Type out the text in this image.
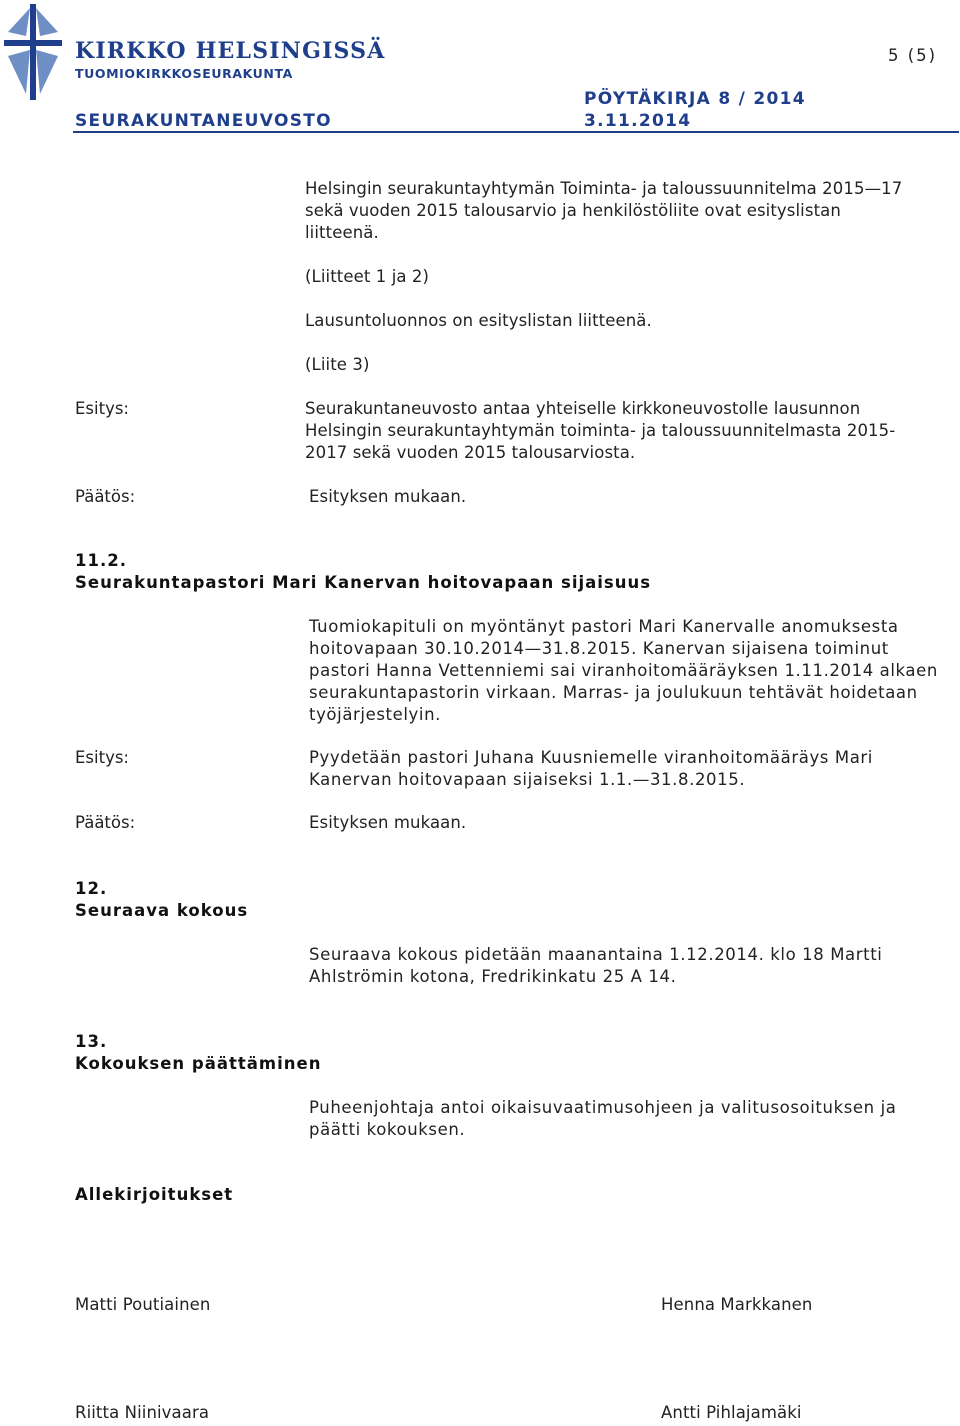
KIRKKO HELSINGISSÄ
TUOMIOKIRKKOSEURAKUNTA
5 (5)
PÖYTÄKIRJA 8 / 2014
SEURAKUNTANEUVOSTO	3.11.2014
Helsingin seurakuntayhtymän Toiminta- ja taloussuunnitelma 2015—17
sekä vuoden 2015 talousarvio ja henkilöstöliite ovat esityslistan
liitteenä.
(Liitteet 1 ja 2)
Lausuntoluonnos on esityslistan liitteenä.
(Liite 3)
Esitys:	Seurakuntaneuvosto antaa yhteiselle kirkkoneuvostolle lausunnon
Helsingin seurakuntayhtymän toiminta- ja taloussuunnitelmasta 2015-
2017 sekä vuoden 2015 talousarviosta.
Päätös:	Esityksen mukaan.
11.2.
Seurakuntapastori Mari Kanervan hoitovapaan sijaisuus
Tuomiokapituli on myöntänyt pastori Mari Kanervalle anomuksesta
hoitovapaan 30.10.2014—31.8.2015. Kanervan sijaisena toiminut
pastori Hanna Vettenniemi sai viranhoitomääräyksen 1.11.2014 alkaen
seurakuntapastorin virkaan. Marras- ja joulukuun tehtävät hoidetaan
työjärjestelyin.
Esitys:	Pyydetään pastori Juhana Kuusniemelle viranhoitomääräys Mari
Kanervan hoitovapaan sijaiseksi 1.1.—31.8.2015.
Päätös:	Esityksen mukaan.
12.
Seuraava kokous
Seuraava kokous pidetään maanantaina 1.12.2014. klo 18 Martti
Ahlströmin kotona, Fredrikinkatu 25 A 14.
13.
Kokouksen päättäminen
Puheenjohtaja antoi oikaisuvaatimusohjeen ja valitusosoituksen ja
päätti kokouksen.
Allekirjoitukset
Matti Poutiainen	Henna Markkanen
Riitta Niinivaara	Antti Pihlajamäki
